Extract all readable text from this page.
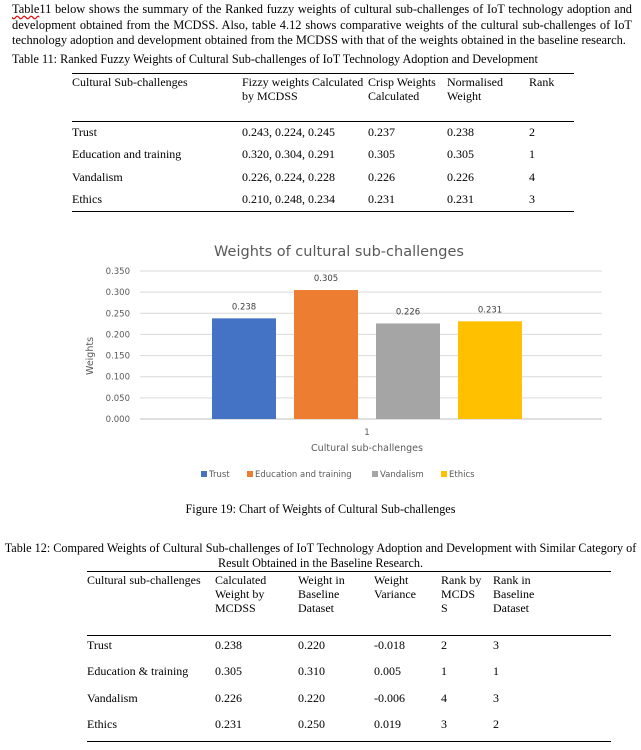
Table11 below shows the summary of the Ranked fuzzy weights of cultural sub-challenges of IoT technology adoption and development obtained from the MCDSS. Also, table 4.12 shows comparative weights of the cultural sub-challenges of IoT technology adoption and development obtained from the MCDSS with that of the weights obtained in the baseline research.

Table 11: Ranked Fuzzy Weights of Cultural Sub-challenges of IoT Technology Adoption and Development
Cultural Sub-challenges	Fizzy weights Calculated by MCDSS	Crisp Weights Calculated	Normalised Weight	Rank
Trust	0.243, 0.224, 0.245	0.237	0.238	2
Education and training	0.320, 0.304, 0.291	0.305	0.305	1
Vandalism	0.226, 0.224, 0.228	0.226	0.226	4
Ethics	0.210, 0.248, 0.234	0.231	0.231	3
0.000
0.050
0.100
0.150
0.200
0.250
0.300
0.350
0.238
0.305
0.226	0.231
Weights of cultural sub-challenges
Weights
1
Cultural sub-challenges
Trust	Education and training	Vandalism	Ethics
Figure 19: Chart of Weights of Cultural Sub-challenges
Table 12: Compared Weights of Cultural Sub-challenges of IoT Technology Adoption and Development with Similar Category of
Result Obtained in the Baseline Research.
Cultural sub-challenges	Calculated Weight by MCDSS	Weight in Baseline Dataset	Weight Variance	Rank by MCDS S	Rank in Baseline Dataset
Trust	0.238	0.220	-0.018	2	3
Education & training	0.305	0.310	0.005	1	1
Vandalism	0.226	0.220	-0.006	4	3
Ethics	0.231	0.250	0.019	3	2
